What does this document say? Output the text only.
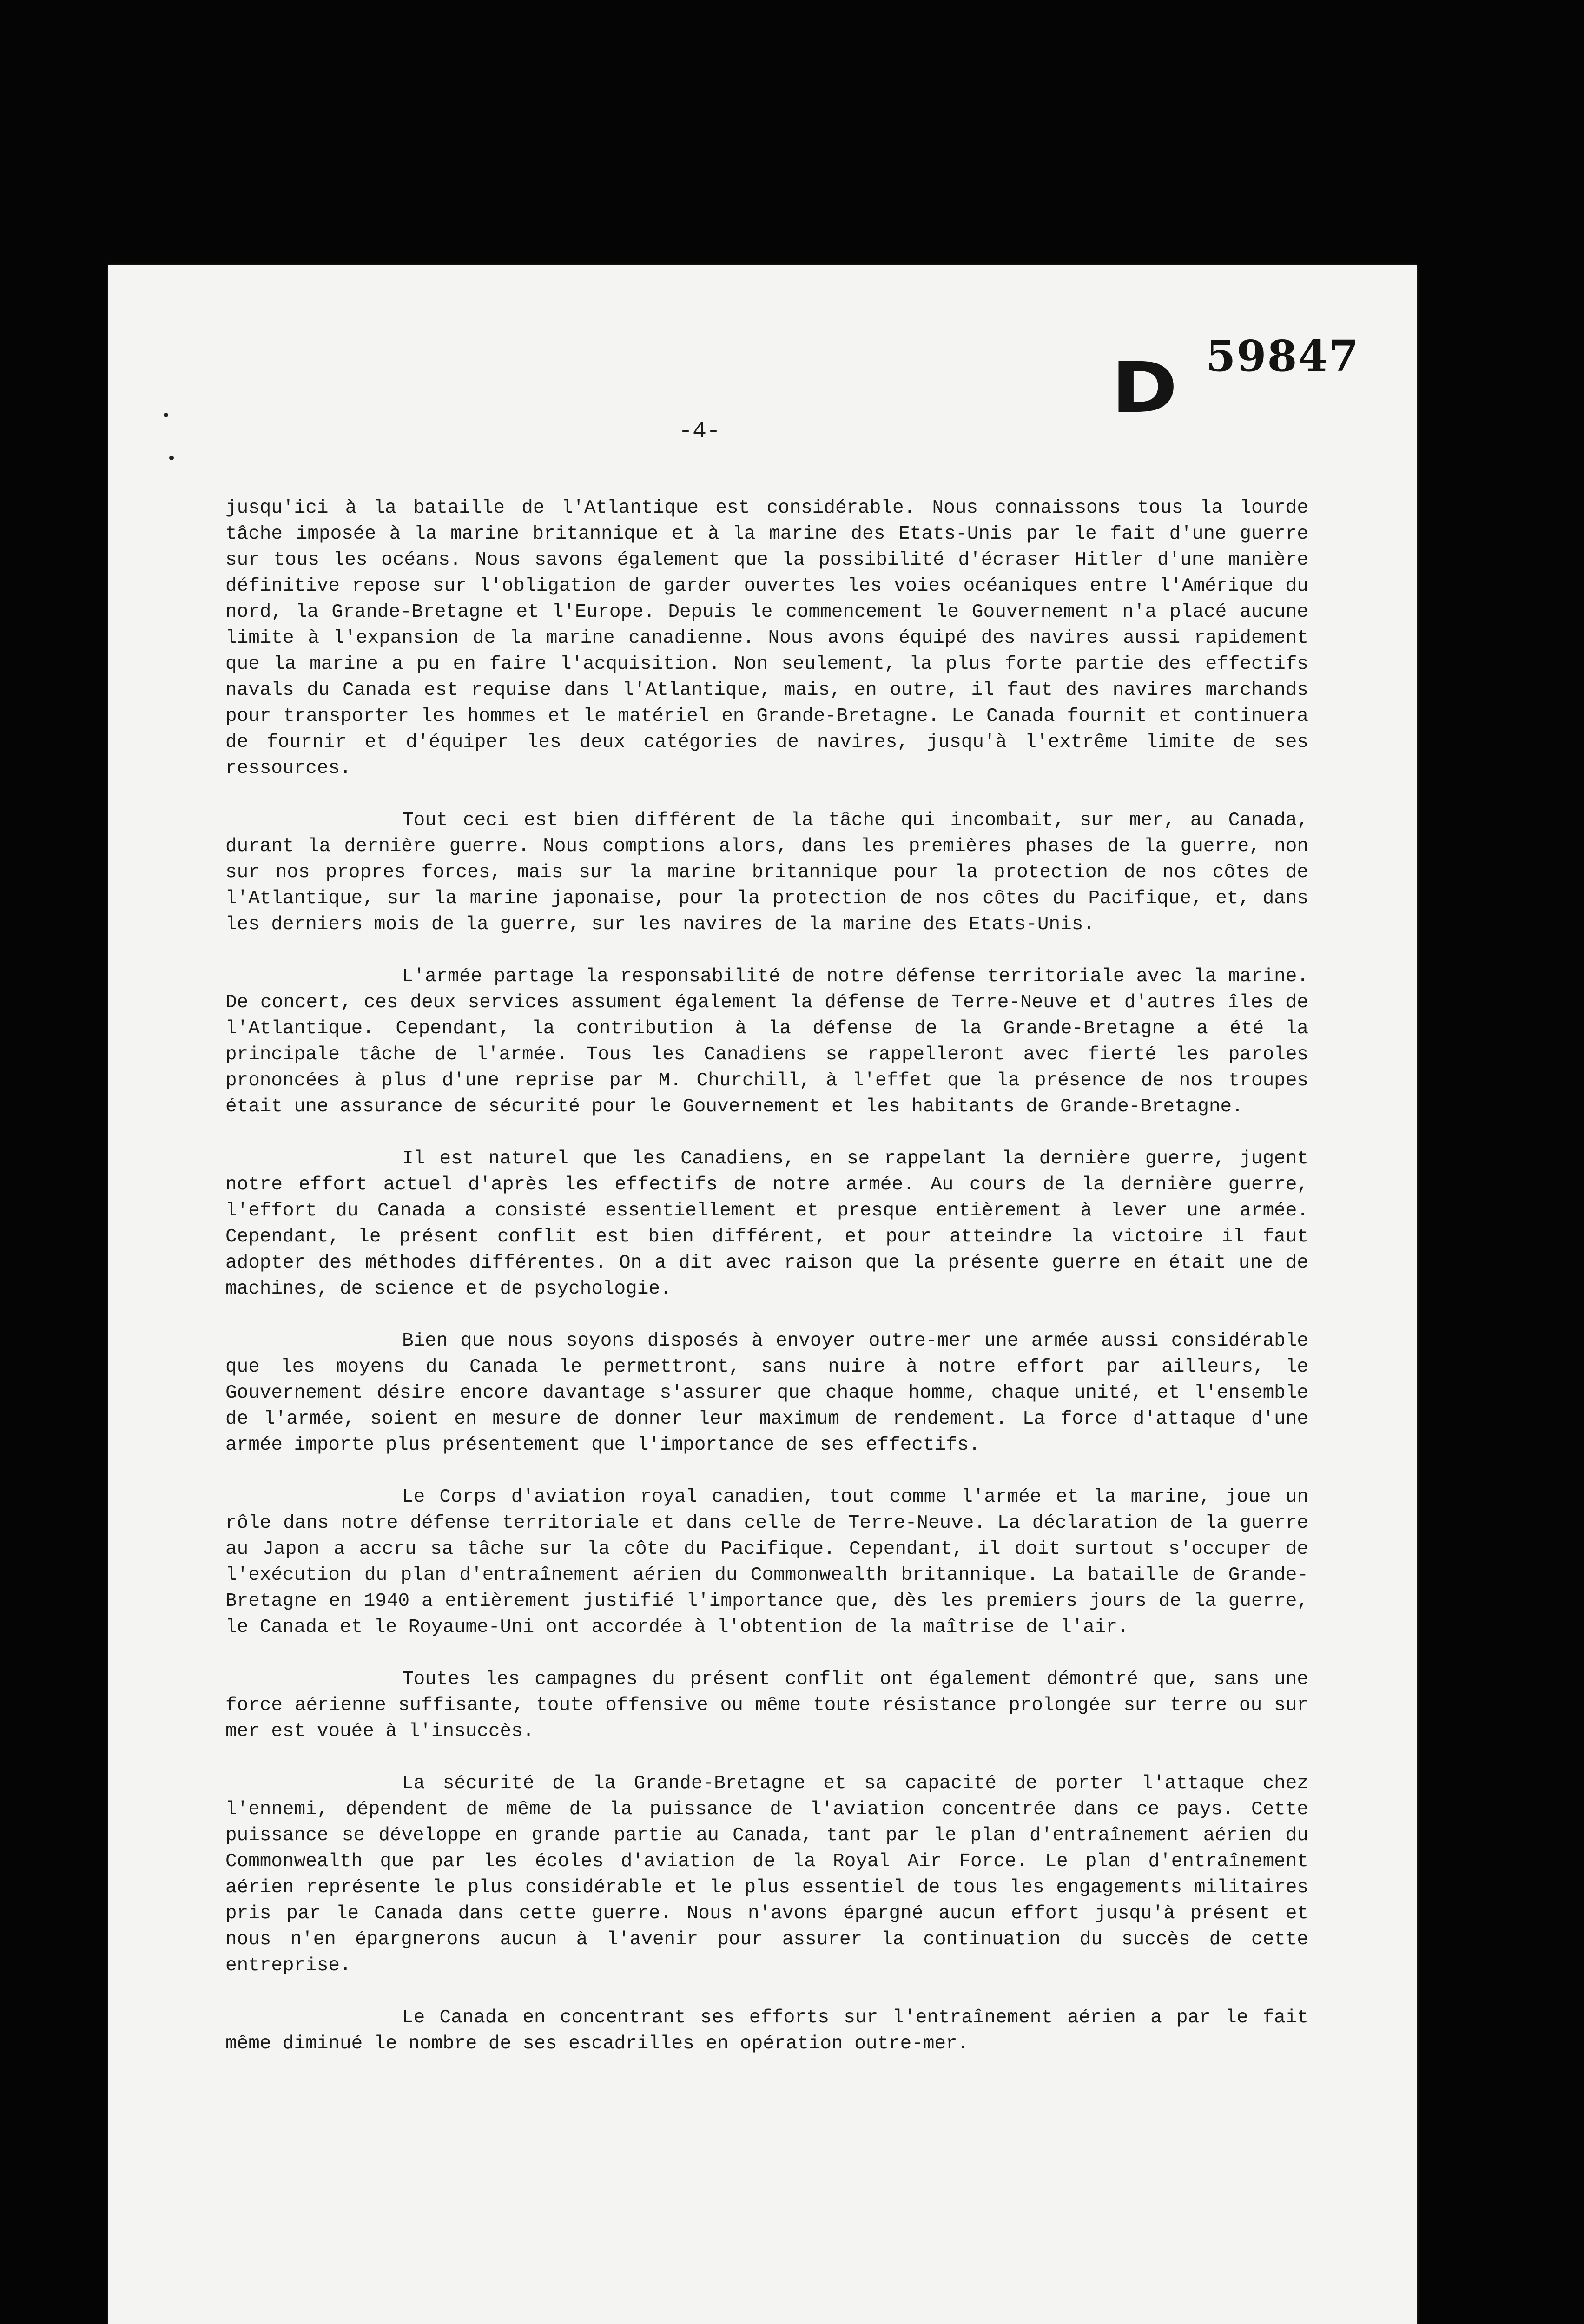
D 59847
-4-

jusqu'ici à la bataille de l'Atlantique est considérable. Nous connaissons tous la lourde tâche imposée à la marine britannique et à la marine des Etats-Unis par le fait d'une guerre sur tous les océans. Nous savons également que la possibilité d'écraser Hitler d'une manière définitive repose sur l'obligation de garder ouvertes les voies océaniques entre l'Amérique du nord, la Grande-Bretagne et l'Europe. Depuis le commencement le Gouvernement n'a placé aucune limite à l'expansion de la marine canadienne. Nous avons équipé des navires aussi rapidement que la marine a pu en faire l'acquisition. Non seulement, la plus forte partie des effectifs navals du Canada est requise dans l'Atlantique, mais, en outre, il faut des navires marchands pour transporter les hommes et le matériel en Grande-Bretagne. Le Canada fournit et continuera de fournir et d'équiper les deux catégories de navires, jusqu'à l'extrême limite de ses ressources.

Tout ceci est bien différent de la tâche qui incombait, sur mer, au Canada, durant la dernière guerre. Nous comptions alors, dans les premières phases de la guerre, non sur nos propres forces, mais sur la marine britannique pour la protection de nos côtes de l'Atlantique, sur la marine japonaise, pour la protection de nos côtes du Pacifique, et, dans les derniers mois de la guerre, sur les navires de la marine des Etats-Unis.

L'armée partage la responsabilité de notre défense territoriale avec la marine. De concert, ces deux services assument également la défense de Terre-Neuve et d'autres îles de l'Atlantique. Cependant, la contribution à la défense de la Grande-Bretagne a été la principale tâche de l'armée. Tous les Canadiens se rappelleront avec fierté les paroles prononcées à plus d'une reprise par M. Churchill, à l'effet que la présence de nos troupes était une assurance de sécurité pour le Gouvernement et les habitants de Grande-Bretagne.

Il est naturel que les Canadiens, en se rappelant la dernière guerre, jugent notre effort actuel d'après les effectifs de notre armée. Au cours de la dernière guerre, l'effort du Canada a consisté essentiellement et presque entièrement à lever une armée. Cependant, le présent conflit est bien différent, et pour atteindre la victoire il faut adopter des méthodes différentes. On a dit avec raison que la présente guerre en était une de machines, de science et de psychologie.

Bien que nous soyons disposés à envoyer outre-mer une armée aussi considérable que les moyens du Canada le permettront, sans nuire à notre effort par ailleurs, le Gouvernement désire encore davantage s'assurer que chaque homme, chaque unité, et l'ensemble de l'armée, soient en mesure de donner leur maximum de rendement. La force d'attaque d'une armée importe plus présentement que l'importance de ses effectifs.

Le Corps d'aviation royal canadien, tout comme l'armée et la marine, joue un rôle dans notre défense territoriale et dans celle de Terre-Neuve. La déclaration de la guerre au Japon a accru sa tâche sur la côte du Pacifique. Cependant, il doit surtout s'occuper de l'exécution du plan d'entraînement aérien du Commonwealth britannique. La bataille de Grande-Bretagne en 1940 a entièrement justifié l'importance que, dès les premiers jours de la guerre, le Canada et le Royaume-Uni ont accordée à l'obtention de la maîtrise de l'air.

Toutes les campagnes du présent conflit ont également démontré que, sans une force aérienne suffisante, toute offensive ou même toute résistance prolongée sur terre ou sur mer est vouée à l'insuccès.

La sécurité de la Grande-Bretagne et sa capacité de porter l'attaque chez l'ennemi, dépendent de même de la puissance de l'aviation concentrée dans ce pays. Cette puissance se développe en grande partie au Canada, tant par le plan d'entraînement aérien du Commonwealth que par les écoles d'aviation de la Royal Air Force. Le plan d'entraînement aérien représente le plus considérable et le plus essentiel de tous les engagements militaires pris par le Canada dans cette guerre. Nous n'avons épargné aucun effort jusqu'à présent et nous n'en épargnerons aucun à l'avenir pour assurer la continuation du succès de cette entreprise.

Le Canada en concentrant ses efforts sur l'entraînement aérien a par le fait même diminué le nombre de ses escadrilles en opération outre-mer.
